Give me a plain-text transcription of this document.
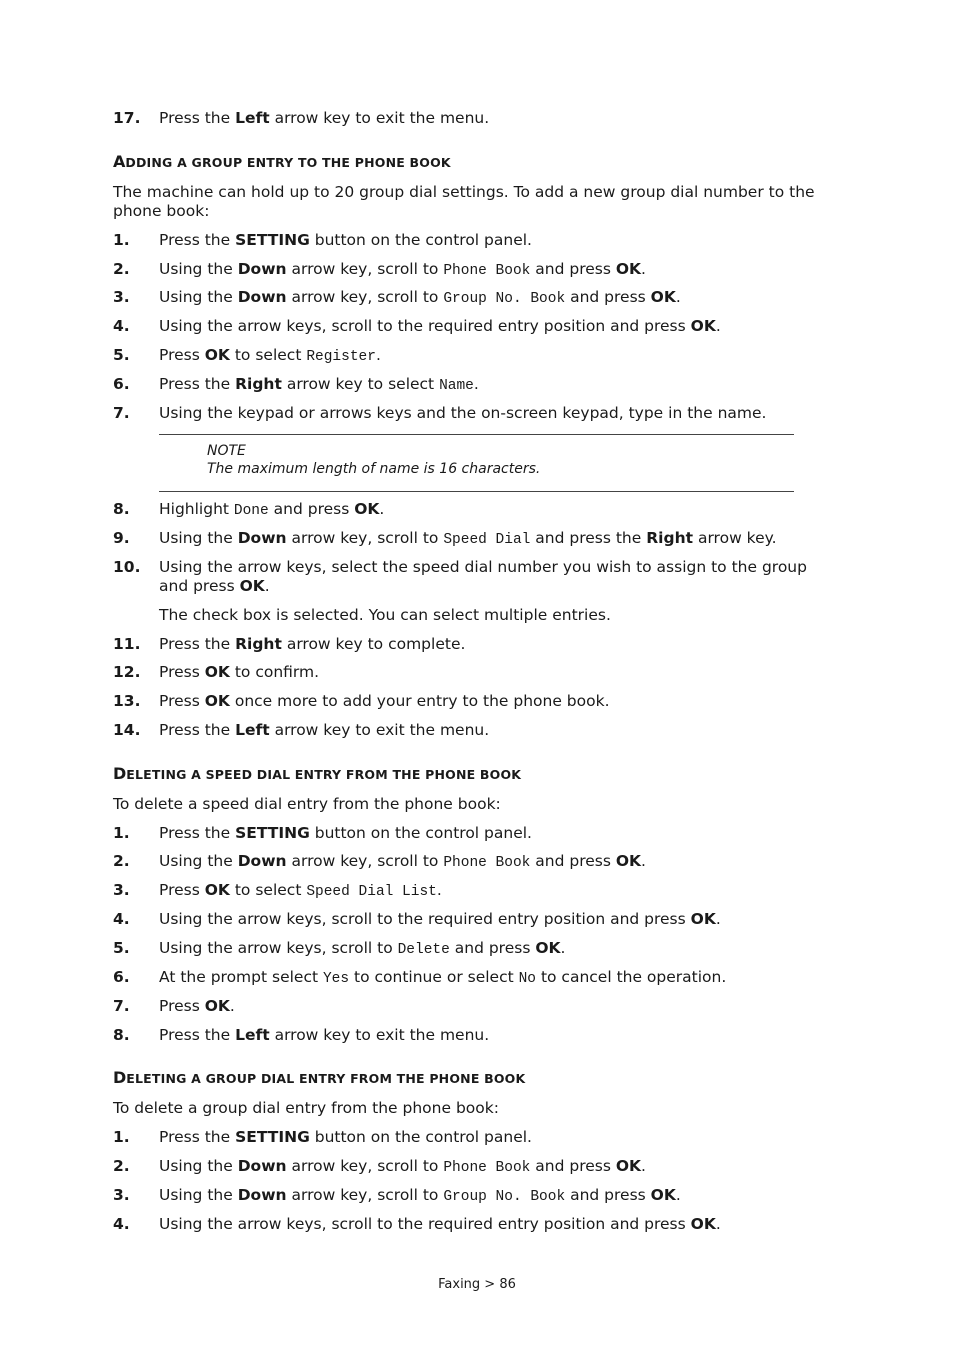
17. Press the Left arrow key to exit the menu.
ADDING A GROUP ENTRY TO THE PHONE BOOK
The machine can hold up to 20 group dial settings. To add a new group dial number to the
phone book:
1. Press the SETTING button on the control panel.
2. Using the Down arrow key, scroll to Phone Book and press OK.
3. Using the Down arrow key, scroll to Group No. Book and press OK.
4. Using the arrow keys, scroll to the required entry position and press OK.
5. Press OK to select Register.
6. Press the Right arrow key to select Name.
7. Using the keypad or arrows keys and the on-screen keypad, type in the name.
NOTE
The maximum length of name is 16 characters.
8. Highlight Done and press OK.
9. Using the Down arrow key, scroll to Speed Dial and press the Right arrow key.
10. Using the arrow keys, select the speed dial number you wish to assign to the group
and press OK.
The check box is selected. You can select multiple entries.
11. Press the Right arrow key to complete.
12. Press OK to confirm.
13. Press OK once more to add your entry to the phone book.
14. Press the Left arrow key to exit the menu.
DELETING A SPEED DIAL ENTRY FROM THE PHONE BOOK
To delete a speed dial entry from the phone book:
1. Press the SETTING button on the control panel.
2. Using the Down arrow key, scroll to Phone Book and press OK.
3. Press OK to select Speed Dial List.
4. Using the arrow keys, scroll to the required entry position and press OK.
5. Using the arrow keys, scroll to Delete and press OK.
6. At the prompt select Yes to continue or select No to cancel the operation.
7. Press OK.
8. Press the Left arrow key to exit the menu.
DELETING A GROUP DIAL ENTRY FROM THE PHONE BOOK
To delete a group dial entry from the phone book:
1. Press the SETTING button on the control panel.
2. Using the Down arrow key, scroll to Phone Book and press OK.
3. Using the Down arrow key, scroll to Group No. Book and press OK.
4. Using the arrow keys, scroll to the required entry position and press OK.
Faxing > 86
